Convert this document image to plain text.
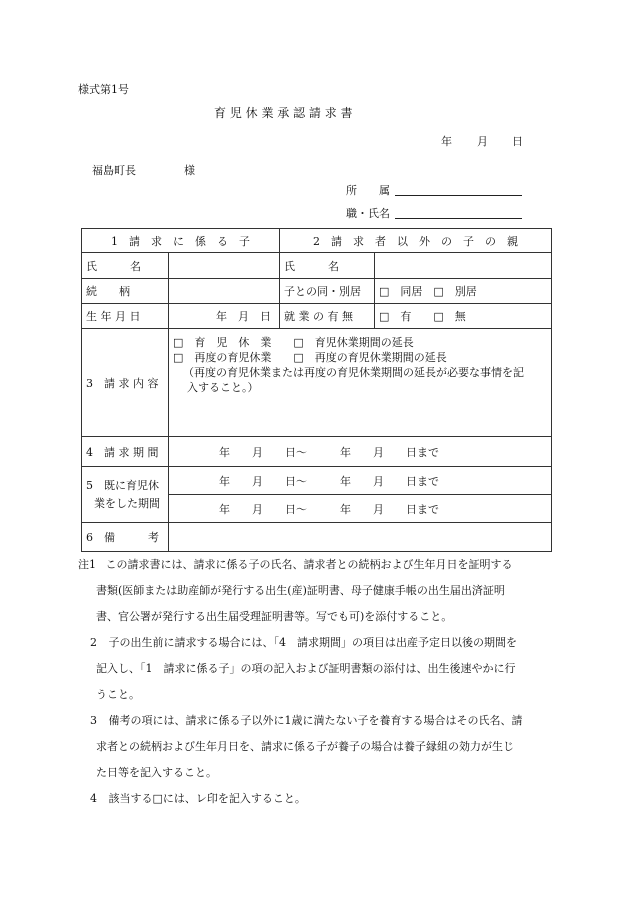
様式第1号
育 児 休 業 承 認 請 求 書
年 月 日
福島町長	様
所　　属
職・氏名
1　請　求　に　係　る　子		2　請　求　者　以　外　の　子　の　親	
氏　　　名		氏　　　名	
続　　柄		子との同・別居	□　同居　□　別居
生 年 月 日	年　月　日	就 業 の 有 無	□　有　　□　無
3　請 求 内 容	□　育　児　休　業　　□　育児休業期間の延長
□　再度の育児休業　　□　再度の育児休業期間の延長
（再度の育児休業または再度の育児休業期間の延長が必要な事情を記
入すること。）		

4　請 求 期 間	年　　月　　日～　　　年　　月　　日まで		

5　既に育児休
業をした期間	年　　月　　日～　　　年　　月　　日まで		
	年　　月　　日～　　　年　　月　　日まで		
6　備　　　考			
注1 この請求書には、請求に係る子の氏名、請求者との続柄および生年月日を証明する
書類(医師または助産師が発行する出生(産)証明書、母子健康手帳の出生届出済証明
書、官公署が発行する出生届受理証明書等。写でも可)を添付すること。
2 子の出生前に請求する場合には、「4　請求期間」の項目は出産予定日以後の期間を
記入し、「1　請求に係る子」の項の記入および証明書類の添付は、出生後速やかに行
うこと。
3 備考の項には、請求に係る子以外に1歳に満たない子を養育する場合はその氏名、請
求者との続柄および生年月日を、請求に係る子が養子の場合は養子縁組の効力が生じ
た日等を記入すること。
4 該当する□には、レ印を記入すること。
